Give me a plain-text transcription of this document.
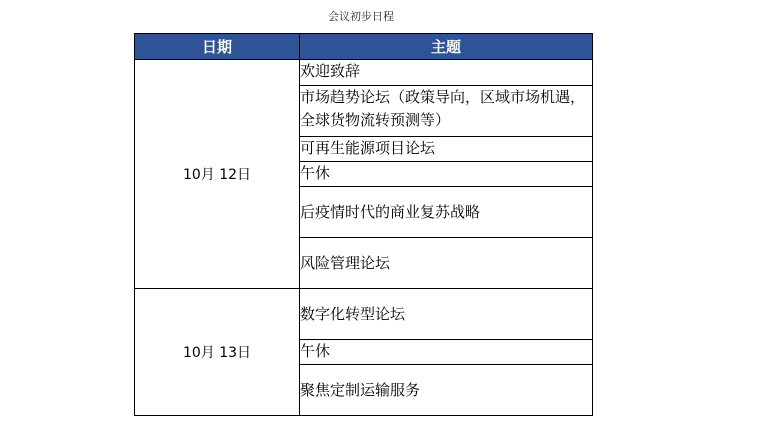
会议初步日程
日期	主题
10月 12日	欢迎致辞
	市场趋势论坛（政策导向，区域市场机遇，全球货物流转预测等）
	可再生能源项目论坛
	午休
	后疫情时代的商业复苏战略
	风险管理论坛
10月 13日	数字化转型论坛
	午休
	聚焦定制运输服务
